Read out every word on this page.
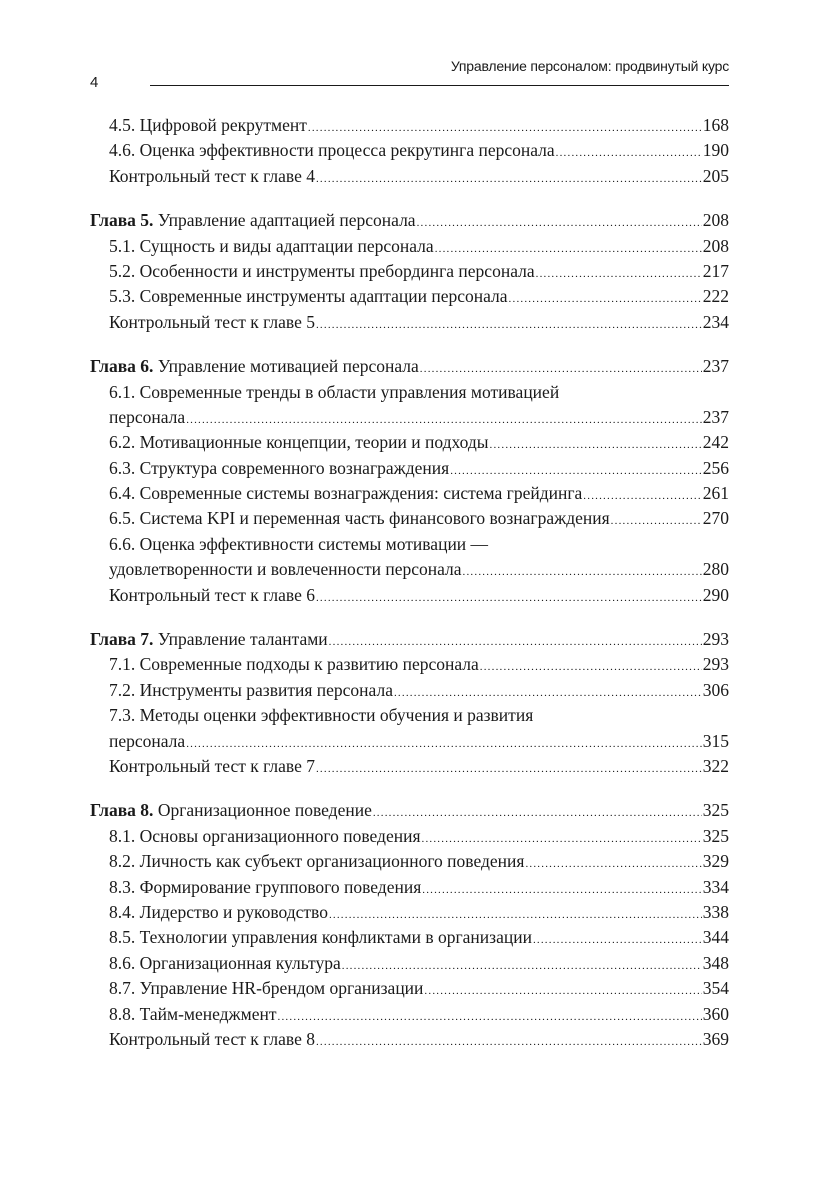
4
Управление персоналом: продвинутый курс
4.5. Цифровой рекрутмент .....	168
4.6. Оценка эффективности процесса рекрутинга персонала .....	190
Контрольный тест к главе 4 .....	205
Глава 5. Управление адаптацией персонала .....	208
5.1. Сущность и виды адаптации персонала .....	208
5.2. Особенности и инструменты пребординга персонала .....	217
5.3. Современные инструменты адаптации персонала .....	222
Контрольный тест к главе 5 .....	234
Глава 6. Управление мотивацией персонала .....	237
6.1. Современные тренды в области управления мотивацией
персонала .....	237
6.2. Мотивационные концепции, теории и подходы .....	242
6.3. Структура современного вознаграждения .....	256
6.4. Современные системы вознаграждения: система грейдинга .....	261
6.5. Система KPI и переменная часть финансового вознаграждения .....	270
6.6. Оценка эффективности системы мотивации —
удовлетворенности и вовлеченности персонала .....	280
Контрольный тест к главе 6 .....	290
Глава 7. Управление талантами .....	293
7.1. Современные подходы к развитию персонала .....	293
7.2. Инструменты развития персонала .....	306
7.3. Методы оценки эффективности обучения и развития
персонала .....	315
Контрольный тест к главе 7 .....	322
Глава 8. Организационное поведение .....	325
8.1. Основы организационного поведения .....	325
8.2. Личность как субъект организационного поведения .....	329
8.3. Формирование группового поведения .....	334
8.4. Лидерство и руководство .....	338
8.5. Технологии управления конфликтами в организации .....	344
8.6. Организационная культура .....	348
8.7. Управление HR-брендом организации .....	354
8.8. Тайм-менеджмент .....	360
Контрольный тест к главе 8 .....	369
